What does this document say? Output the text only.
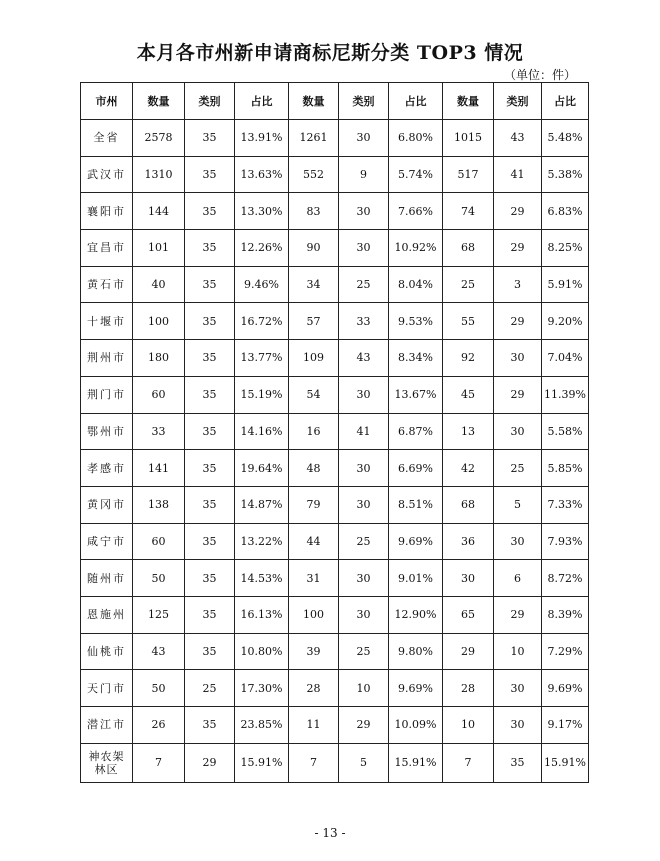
本月各市州新申请商标尼斯分类 TOP3 情况
（单位：件）
市州	数量	类别	占比	数量	类别	占比	数量	类别	占比
全省	2578	35	13.91%	1261	30	6.80%	1015	43	5.48%
武汉市	1310	35	13.63%	552	9	5.74%	517	41	5.38%
襄阳市	144	35	13.30%	83	30	7.66%	74	29	6.83%
宜昌市	101	35	12.26%	90	30	10.92%	68	29	8.25%
黄石市	40	35	9.46%	34	25	8.04%	25	3	5.91%
十堰市	100	35	16.72%	57	33	9.53%	55	29	9.20%
荆州市	180	35	13.77%	109	43	8.34%	92	30	7.04%
荆门市	60	35	15.19%	54	30	13.67%	45	29	11.39%
鄂州市	33	35	14.16%	16	41	6.87%	13	30	5.58%
孝感市	141	35	19.64%	48	30	6.69%	42	25	5.85%
黄冈市	138	35	14.87%	79	30	8.51%	68	5	7.33%
咸宁市	60	35	13.22%	44	25	9.69%	36	30	7.93%
随州市	50	35	14.53%	31	30	9.01%	30	6	8.72%
恩施州	125	35	16.13%	100	30	12.90%	65	29	8.39%
仙桃市	43	35	10.80%	39	25	9.80%	29	10	7.29%
天门市	50	25	17.30%	28	10	9.69%	28	30	9.69%
潜江市	26	35	23.85%	11	29	10.09%	10	30	9.17%
神农架
林区	7	29	15.91%	7	5	15.91%	7	35	15.91%
- 13 -
